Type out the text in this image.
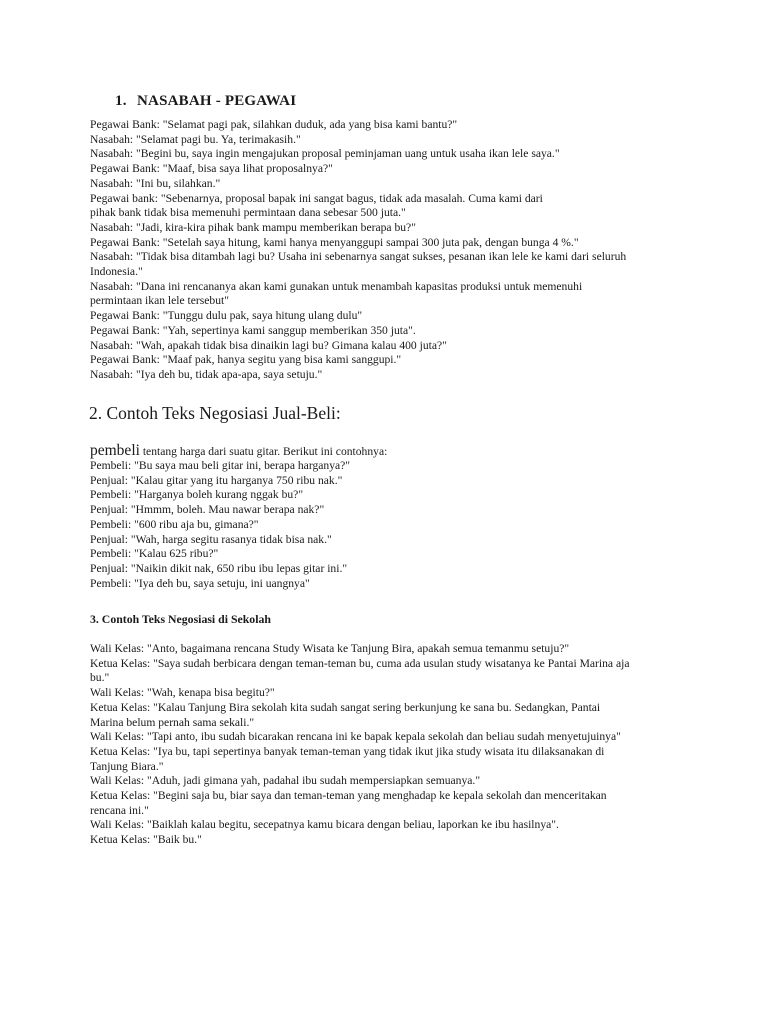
1. NASABAH - PEGAWAI
Pegawai Bank: "Selamat pagi pak, silahkan duduk, ada yang bisa kami bantu?"
Nasabah: "Selamat pagi bu. Ya, terimakasih."
Nasabah: "Begini bu, saya ingin mengajukan proposal peminjaman uang untuk usaha ikan lele saya."
Pegawai Bank: "Maaf, bisa saya lihat proposalnya?"
Nasabah: "Ini bu, silahkan."
Pegawai bank: "Sebenarnya, proposal bapak ini sangat bagus, tidak ada masalah. Cuma kami dari
pihak bank tidak bisa memenuhi permintaan dana sebesar 500 juta."
Nasabah: "Jadi, kira-kira pihak bank mampu memberikan berapa bu?"
Pegawai Bank: "Setelah saya hitung, kami hanya menyanggupi sampai 300 juta pak, dengan bunga 4 %."
Nasabah: "Tidak bisa ditambah lagi bu? Usaha ini sebenarnya sangat sukses, pesanan ikan lele ke kami dari seluruh
Indonesia."
Nasabah: "Dana ini rencananya akan kami gunakan untuk menambah kapasitas produksi untuk memenuhi
permintaan ikan lele tersebut"
Pegawai Bank: "Tunggu dulu pak, saya hitung ulang dulu"
Pegawai Bank: "Yah, sepertinya kami sanggup memberikan 350 juta".
Nasabah: "Wah, apakah tidak bisa dinaikin lagi bu? Gimana kalau 400 juta?"
Pegawai Bank: "Maaf pak, hanya segitu yang bisa kami sanggupi."
Nasabah: "Iya deh bu, tidak apa-apa, saya setuju."
2. Contoh Teks Negosiasi Jual-Beli:
pembeli tentang harga dari suatu gitar. Berikut ini contohnya:
Pembeli: "Bu saya mau beli gitar ini, berapa harganya?"
Penjual: "Kalau gitar yang itu harganya 750 ribu nak."
Pembeli: "Harganya boleh kurang nggak bu?"
Penjual: "Hmmm, boleh. Mau nawar berapa nak?"
Pembeli: "600 ribu aja bu, gimana?"
Penjual: "Wah, harga segitu rasanya tidak bisa nak."
Pembeli: "Kalau 625 ribu?"
Penjual: "Naikin dikit nak, 650 ribu ibu lepas gitar ini."
Pembeli: "Iya deh bu, saya setuju, ini uangnya"
3. Contoh Teks Negosiasi di Sekolah
Wali Kelas: "Anto, bagaimana rencana Study Wisata ke Tanjung Bira, apakah semua temanmu setuju?"
Ketua Kelas: "Saya sudah berbicara dengan teman-teman bu, cuma ada usulan study wisatanya ke Pantai Marina aja
bu."
Wali Kelas: "Wah, kenapa bisa begitu?"
Ketua Kelas: "Kalau Tanjung Bira sekolah kita sudah sangat sering berkunjung ke sana bu. Sedangkan, Pantai
Marina belum pernah sama sekali."
Wali Kelas: "Tapi anto, ibu sudah bicarakan rencana ini ke bapak kepala sekolah dan beliau sudah menyetujuinya"
Ketua Kelas: "Iya bu, tapi sepertinya banyak teman-teman yang tidak ikut jika study wisata itu dilaksanakan di
Tanjung Biara."
Wali Kelas: "Aduh, jadi gimana yah, padahal ibu sudah mempersiapkan semuanya."
Ketua Kelas: "Begini saja bu, biar saya dan teman-teman yang menghadap ke kepala sekolah dan menceritakan
rencana ini."
Wali Kelas: "Baiklah kalau begitu, secepatnya kamu bicara dengan beliau, laporkan ke ibu hasilnya".
Ketua Kelas: "Baik bu."
